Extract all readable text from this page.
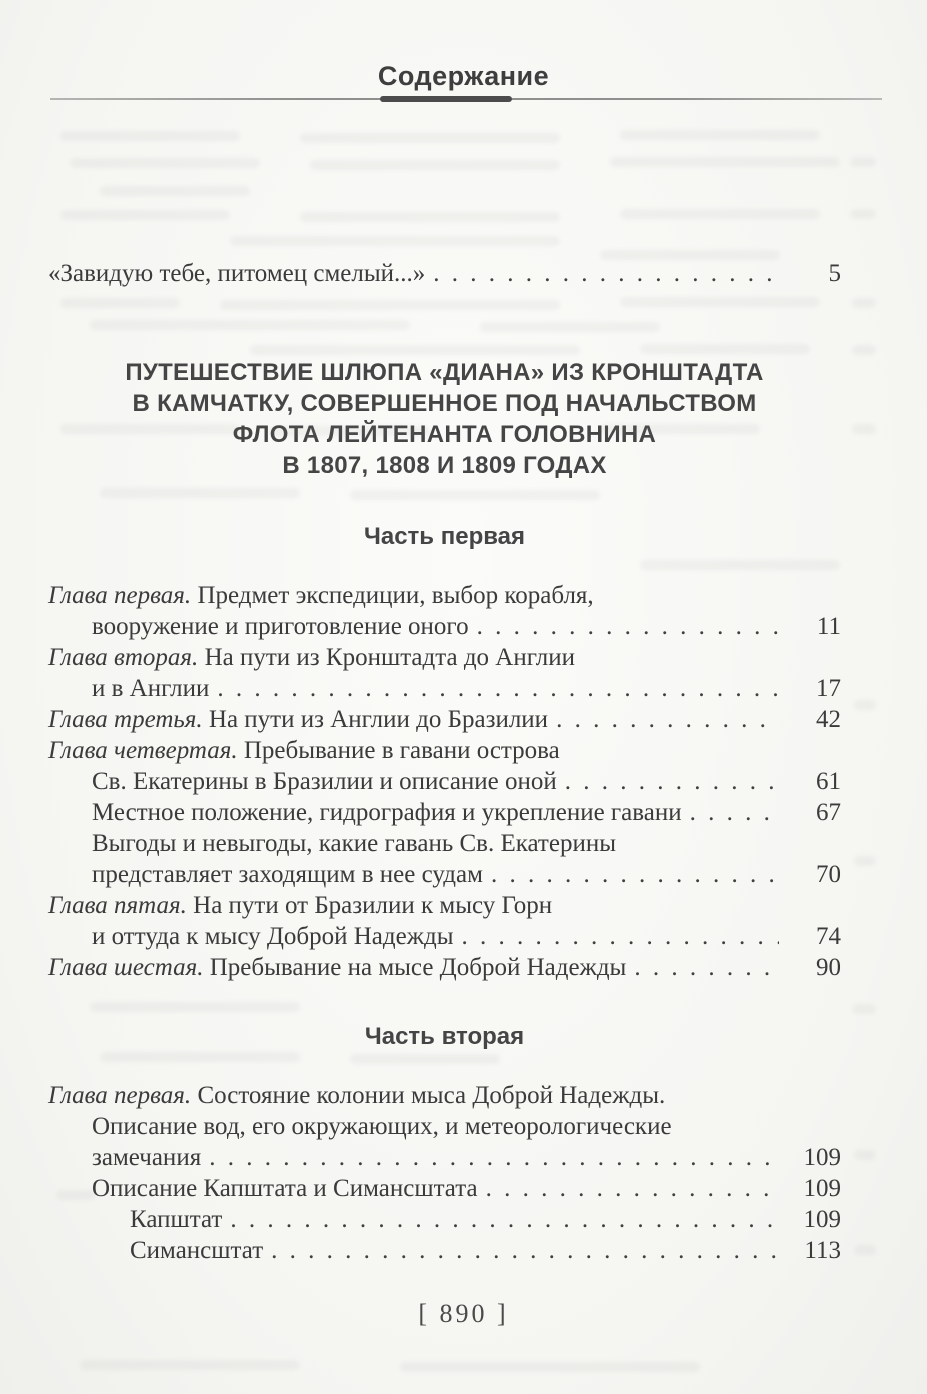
Содержание
«Завидую тебе, питомец смелый...» . . .	5
ПУТЕШЕСТВИЕ ШЛЮПА «ДИАНА» ИЗ КРОНШТАДТА
В КАМЧАТКУ, СОВЕРШЕННОЕ ПОД НАЧАЛЬСТВОМ
ФЛОТА ЛЕЙТЕНАНТА ГОЛОВНИНА
В 1807, 1808 И 1809 ГОДАХ
Часть первая
Глава первая. Предмет экспедиции, выбор корабля,
вооружение и приготовление оного . . .	11
Глава вторая. На пути из Кронштадта до Англии
и в Англии . . .	17
Глава третья. На пути из Англии до Бразилии . . .	42
Глава четвертая. Пребывание в гавани острова
Св. Екатерины в Бразилии и описание оной . . .	61
Местное положение, гидрография и укрепление гавани . . .	67
Выгоды и невыгоды, какие гавань Св. Екатерины
представляет заходящим в нее судам . . .	70
Глава пятая. На пути от Бразилии к мысу Горн
и оттуда к мысу Доброй Надежды . . .	74
Глава шестая. Пребывание на мысе Доброй Надежды . . .	90
Часть вторая
Глава первая. Состояние колонии мыса Доброй Надежды.
Описание вод, его окружающих, и метеорологические
замечания . . .	109
Описание Капштата и Симансштата . . .	109
Капштат . . .	109
Симансштат . . .	113
[ 890 ]
